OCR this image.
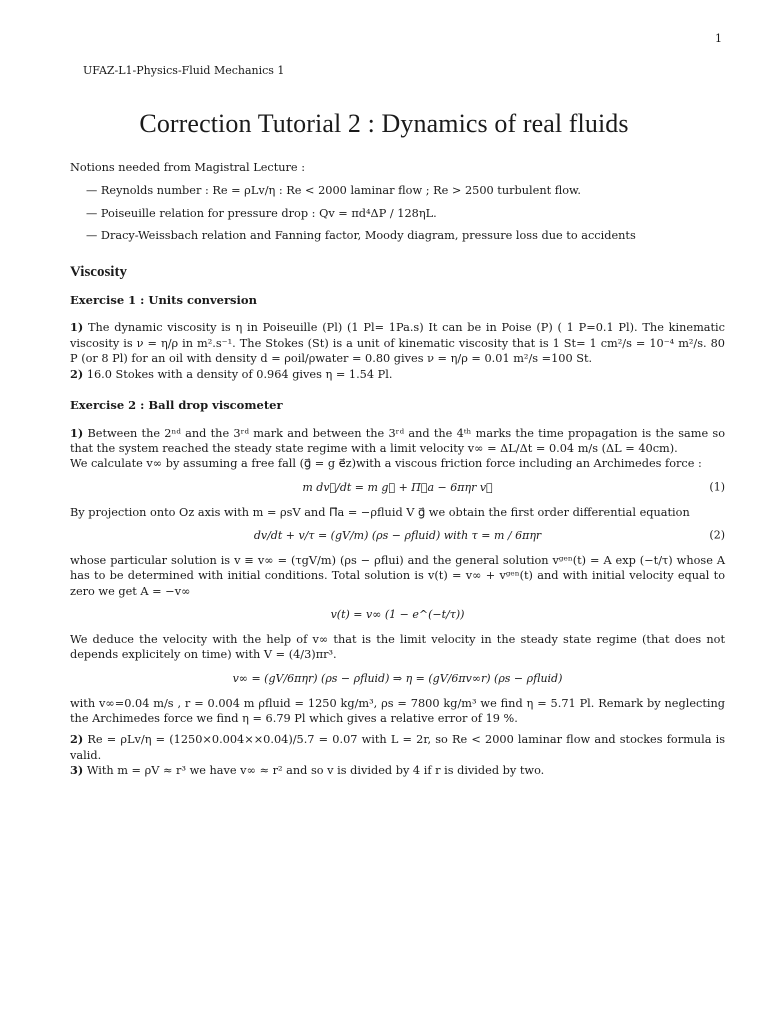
1
UFAZ-L1-Physics-Fluid Mechanics 1
Correction Tutorial 2 : Dynamics of real fluids

Notions needed from Magistral Lecture :

— Reynolds number : Re = ρLv/η : Re < 2000 laminar flow ; Re > 2500 turbulent flow.
— Poiseuille relation for pressure drop : Qv = πd⁴ΔP / 128ηL.
— Dracy-Weissbach relation and Fanning factor, Moody diagram, pressure loss due to accidents
Viscosity
Exercise 1 : Units conversion

1) The dynamic viscosity is η in Poiseuille (Pl) (1 Pl= 1Pa.s) It can be in Poise (P) ( 1 P=0.1 Pl). The kinematic viscosity is ν = η/ρ in m².s⁻¹. The Stokes (St) is a unit of kinematic viscosity that is 1 St= 1 cm²/s = 10⁻⁴ m²/s. 80 P (or 8 Pl) for an oil with density d = ρoil/ρwater = 0.80 gives ν = η/ρ = 0.01 m²/s =100 St.

2) 16.0 Stokes with a density of 0.964 gives η = 1.54 Pl.

Exercise 2 : Ball drop viscometer

1) Between the 2ⁿᵈ and the 3ʳᵈ mark and between the 3ʳᵈ and the 4ᵗʰ marks the time propagation is the same so that the system reached the steady state regime with a limit velocity v∞ = ΔL/Δt = 0.04 m/s (ΔL = 40cm).

We calculate v∞ by assuming a free fall (g⃗ = g e⃗z)with a viscous friction force including an Archimedes force :

m dv⃗/dt = m g⃗ + Π⃗a − 6πηr v⃗	(1)

By projection onto Oz axis with m = ρsV and Π⃗a = −ρfluid V g⃗ we obtain the first order differential equation

dv/dt + v/τ = (gV/m) (ρs − ρfluid) with τ = m / 6πηr	(2)

whose particular solution is v ≡ v∞ = (τgV/m) (ρs − ρflui) and the general solution vᵍᵉⁿ(t) = A exp (−t/τ) whose A has to be determined with initial conditions. Total solution is v(t) = v∞ + vᵍᵉⁿ(t) and with initial velocity equal to zero we get A = −v∞

v(t) = v∞ (1 − e^(−t/τ))

We deduce the velocity with the help of v∞ that is the limit velocity in the steady state regime (that does not depends explicitely on time) with V = (4/3)πr³.

v∞ = (gV/6πηr) (ρs − ρfluid) ⇒ η = (gV/6πv∞r) (ρs − ρfluid)

with v∞=0.04 m/s , r = 0.004 m ρfluid = 1250 kg/m³, ρs = 7800 kg/m³ we find η = 5.71 Pl. Remark by neglecting the Archimedes force we find η = 6.79 Pl which gives a relative error of 19 %.

2) Re = ρLv/η = (1250×0.004××0.04)/5.7 = 0.07 with L = 2r, so Re < 2000 laminar flow and stockes formula is valid.

3) With m = ρV ≈ r³ we have v∞ ≈ r² and so v is divided by 4 if r is divided by two.
